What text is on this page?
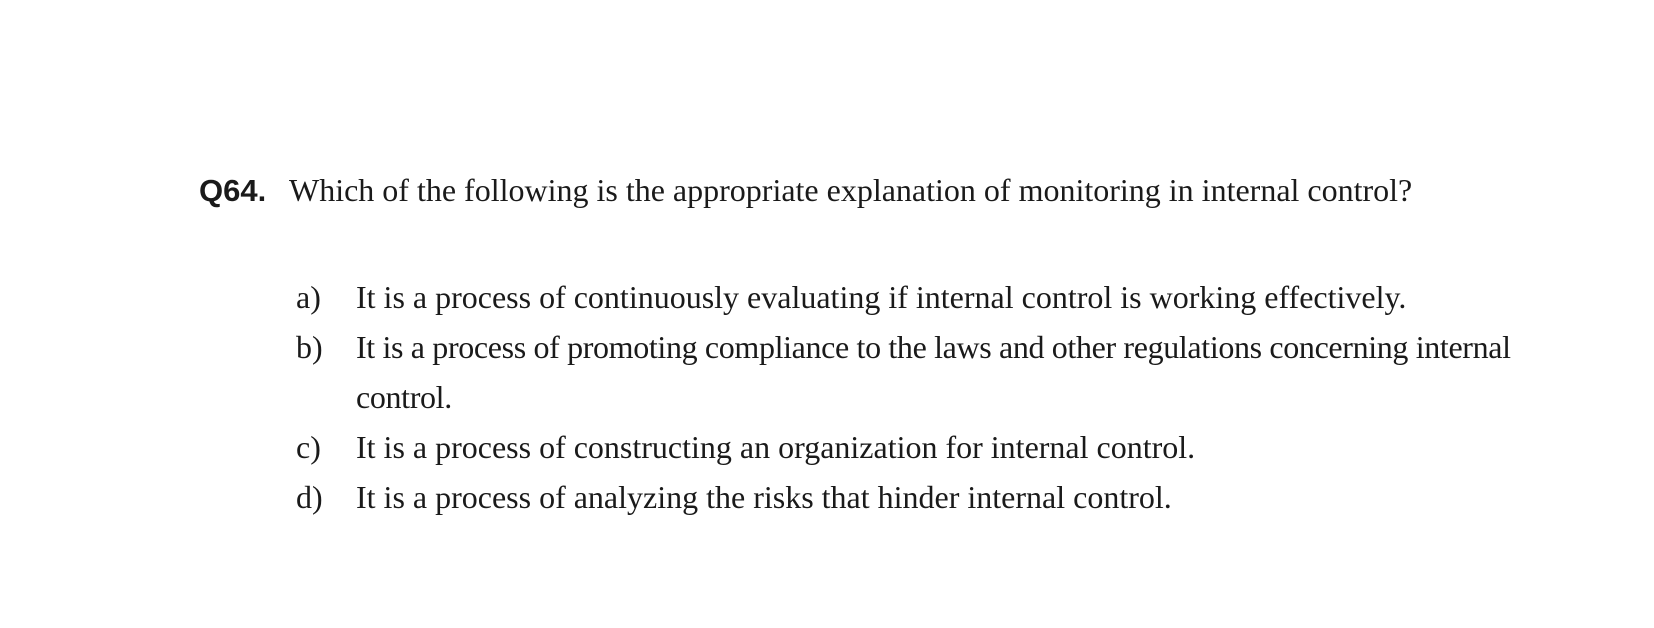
Q64. Which of the following is the appropriate explanation of monitoring in internal control?
a)	It is a process of continuously evaluating if internal control is working effectively.
b)	It is a process of promoting compliance to the laws and other regulations concerning internal control.
c)	It is a process of constructing an organization for internal control.
d)	It is a process of analyzing the risks that hinder internal control.
